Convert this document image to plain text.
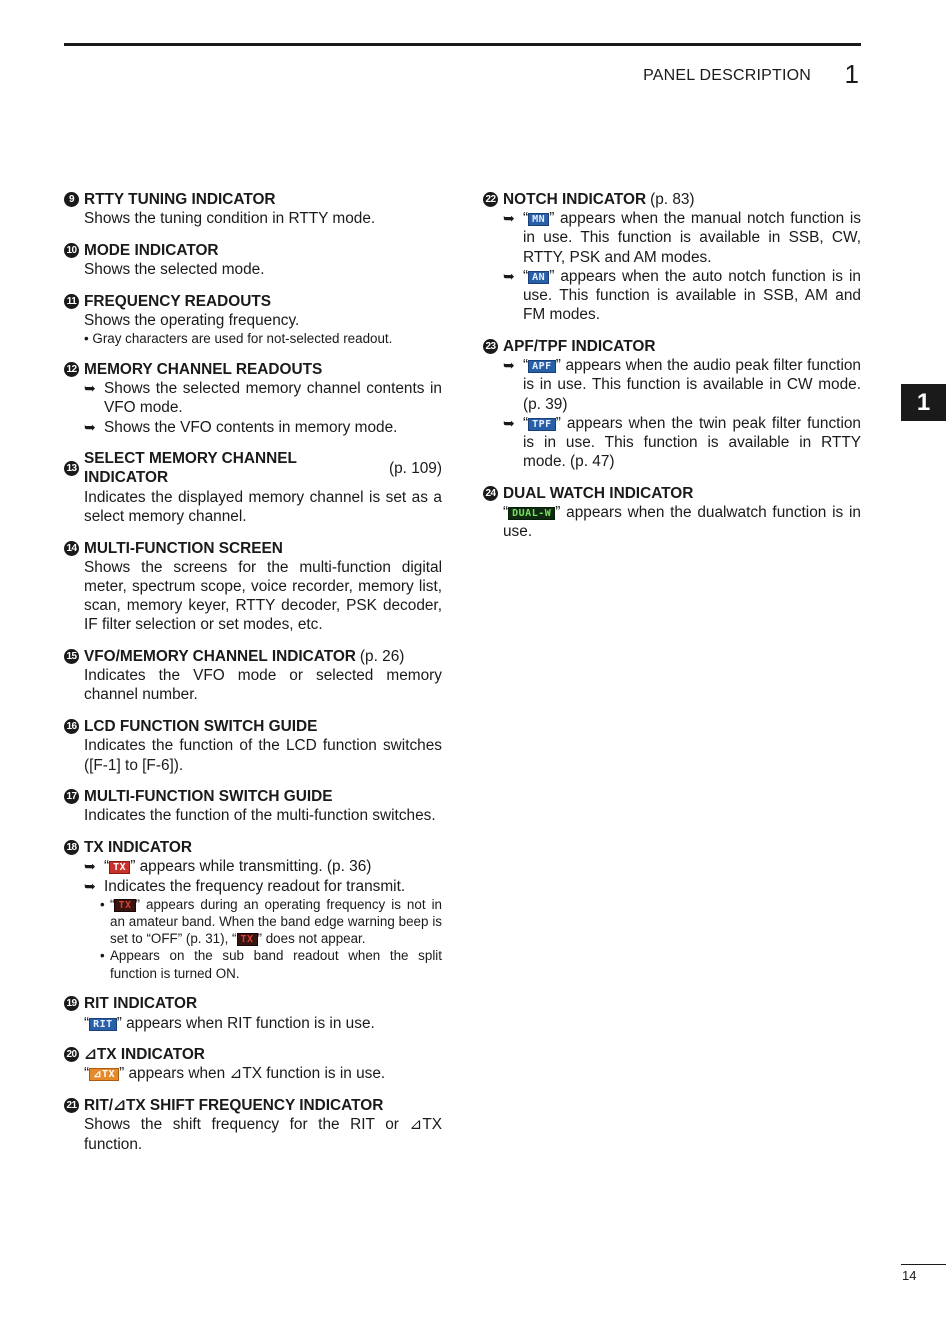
PANEL DESCRIPTION 1
1
9 RTTY TUNING INDICATOR
Shows the tuning condition in RTTY mode.
10 MODE INDICATOR
Shows the selected mode.
11 FREQUENCY READOUTS
Shows the operating frequency.
• Gray characters are used for not-selected readout.
12 MEMORY CHANNEL READOUTS
➥ Shows the selected memory channel contents in VFO mode.
➥ Shows the VFO contents in memory mode.
13
SELECT MEMORY CHANNEL INDICATOR
(p. 109)
Indicates the displayed memory channel is set as a select memory channel.
14 MULTI-FUNCTION SCREEN
Shows the screens for the multi-function digital meter, spectrum scope, voice recorder, memory list, scan, memory keyer, RTTY decoder, PSK decoder, IF filter selection or set modes, etc.
15 VFO/MEMORY CHANNEL INDICATOR (p. 26)
Indicates the VFO mode or selected memory channel number.
16 LCD FUNCTION SWITCH GUIDE
Indicates the function of the LCD function switches ([F-1] to [F-6]).
17 MULTI-FUNCTION SWITCH GUIDE
Indicates the function of the multi-function switches.
18 TX INDICATOR
➥ “ TX ” appears while transmitting. (p. 36)
➥ Indicates the frequency readout for transmit.
• “ TX ” appears during an operating frequency is not in an amateur band. When the band edge warning beep is set to “OFF” (p. 31), “ TX ” does not appear.
• Appears on the sub band readout when the split function is turned ON.
19 RIT INDICATOR
“ RIT ” appears when RIT function is in use.
20 ⊿TX INDICATOR
“ ⊿TX ” appears when ⊿TX function is in use.
21 RIT/⊿TX SHIFT FREQUENCY INDICATOR
Shows the shift frequency for the RIT or ⊿TX function.
22 NOTCH INDICATOR (p. 83)
➥ “ MN ” appears when the manual notch function is in use. This function is available in SSB, CW, RTTY, PSK and AM modes.
➥ “ AN ” appears when the auto notch function is in use. This function is available in SSB, AM and FM modes.
23 APF/TPF INDICATOR
➥ “ APF ” appears when the audio peak filter function is in use. This function is available in CW mode. (p. 39)
➥ “ TPF ” appears when the twin peak filter function is in use. This function is available in RTTY mode. (p. 47)
24 DUAL WATCH INDICATOR
“ DUAL-W ” appears when the dualwatch function is in use.
14
